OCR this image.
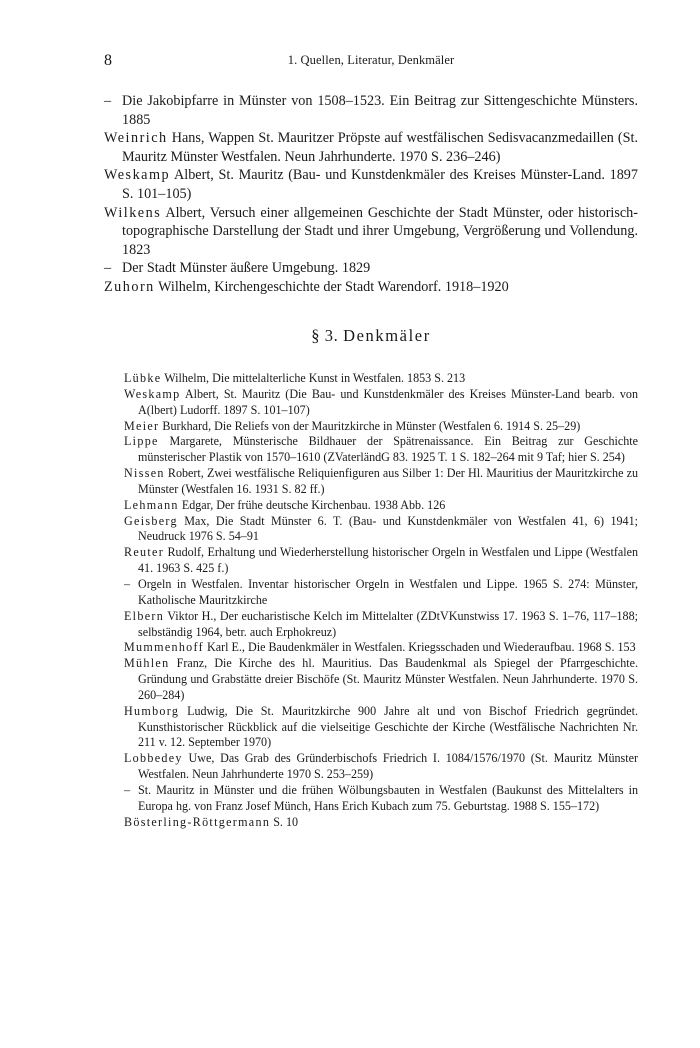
8	1. Quellen, Literatur, Denkmäler

– Die Jakobipfarre in Münster von 1508–1523. Ein Beitrag zur Sittengeschichte Münsters. 1885

Weinrich Hans, Wappen St. Mauritzer Pröpste auf westfälischen Sedisvacanzmedaillen (St. Mauritz Münster Westfalen. Neun Jahrhunderte. 1970 S. 236–246)

Weskamp Albert, St. Mauritz (Bau- und Kunstdenkmäler des Kreises Münster-Land. 1897 S. 101–105)

Wilkens Albert, Versuch einer allgemeinen Geschichte der Stadt Münster, oder historisch-topographische Darstellung der Stadt und ihrer Umgebung, Vergrößerung und Vollendung. 1823

– Der Stadt Münster äußere Umgebung. 1829

Zuhorn Wilhelm, Kirchengeschichte der Stadt Warendorf. 1918–1920

§ 3. Denkmäler

Lübke Wilhelm, Die mittelalterliche Kunst in Westfalen. 1853 S. 213

Weskamp Albert, St. Mauritz (Die Bau- und Kunstdenkmäler des Kreises Münster-Land bearb. von A(lbert) Ludorff. 1897 S. 101–107)

Meier Burkhard, Die Reliefs von der Mauritzkirche in Münster (Westfalen 6. 1914 S. 25–29)

Lippe Margarete, Münsterische Bildhauer der Spätrenaissance. Ein Beitrag zur Geschichte münsterischer Plastik von 1570–1610 (ZVaterländG 83. 1925 T. 1 S. 182–264 mit 9 Taf; hier S. 254)

Nissen Robert, Zwei westfälische Reliquienfiguren aus Silber 1: Der Hl. Mauritius der Mauritzkirche zu Münster (Westfalen 16. 1931 S. 82 ff.)

Lehmann Edgar, Der frühe deutsche Kirchenbau. 1938 Abb. 126

Geisberg Max, Die Stadt Münster 6. T. (Bau- und Kunstdenkmäler von Westfalen 41, 6) 1941; Neudruck 1976 S. 54–91

Reuter Rudolf, Erhaltung und Wiederherstellung historischer Orgeln in Westfalen und Lippe (Westfalen 41. 1963 S. 425 f.)

– Orgeln in Westfalen. Inventar historischer Orgeln in Westfalen und Lippe. 1965 S. 274: Münster, Katholische Mauritzkirche

Elbern Viktor H., Der eucharistische Kelch im Mittelalter (ZDtVKunstwiss 17. 1963 S. 1–76, 117–188; selbständig 1964, betr. auch Erphokreuz)

Mummenhoff Karl E., Die Baudenkmäler in Westfalen. Kriegsschaden und Wiederaufbau. 1968 S. 153

Mühlen Franz, Die Kirche des hl. Mauritius. Das Baudenkmal als Spiegel der Pfarrgeschichte. Gründung und Grabstätte dreier Bischöfe (St. Mauritz Münster Westfalen. Neun Jahrhunderte. 1970 S. 260–284)

Humborg Ludwig, Die St. Mauritzkirche 900 Jahre alt und von Bischof Friedrich gegründet. Kunsthistorischer Rückblick auf die vielseitige Geschichte der Kirche (Westfälische Nachrichten Nr. 211 v. 12. September 1970)

Lobbedey Uwe, Das Grab des Gründerbischofs Friedrich I. 1084/1576/1970 (St. Mauritz Münster Westfalen. Neun Jahrhunderte 1970 S. 253–259)

– St. Mauritz in Münster und die frühen Wölbungsbauten in Westfalen (Baukunst des Mittelalters in Europa hg. von Franz Josef Münch, Hans Erich Kubach zum 75. Geburtstag. 1988 S. 155–172)

Bösterling-Röttgermann S. 10
